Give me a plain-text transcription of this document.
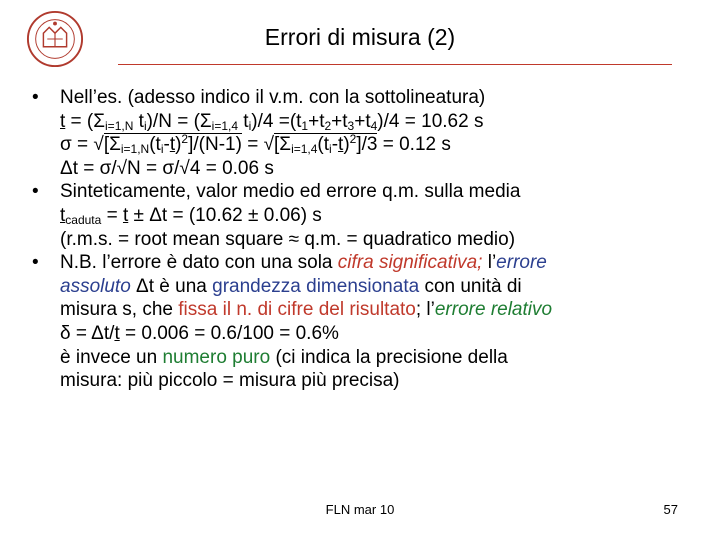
Errori di misura (2)
• Nell’es. (adesso indico il v.m. con la sottolineatura)
$t = (\Sigma_{i=1,N}$ $t_i)/N = (\Sigma_{i=1,4}$ $t_i)/4 =(t_1+t_2+t_3+t_4)/4 = 10.62$ s
$\sigma = √[\Sigma_{i=1,N}(t_i-t)^2]/(N-1) = √[\Sigma_{i=1,4}(t_i-t)^2]/3 = 0.12$ s
Δt = σ/√N = σ/√4 = 0.06 s
• Sinteticamente, valor medio ed errore q.m. sulla media
$t_{caduta} = t \pm \Delta t = (10.62 \pm 0.06)$ s
(r.m.s. = root mean square ≈ q.m. = quadratico medio)
• N.B. l’errore è dato con una sola cifra significativa; l’errore
assoluto Δt è una grandezza dimensionata con unità di
misura s, che fissa il n. di cifre del risultato; l’errore relativo
δ = Δt/t = 0.006 = 0.6/100 = 0.6%
è invece un numero puro (ci indica la precisione della
misura: più piccolo = misura più precisa)
FLN mar 10	57
